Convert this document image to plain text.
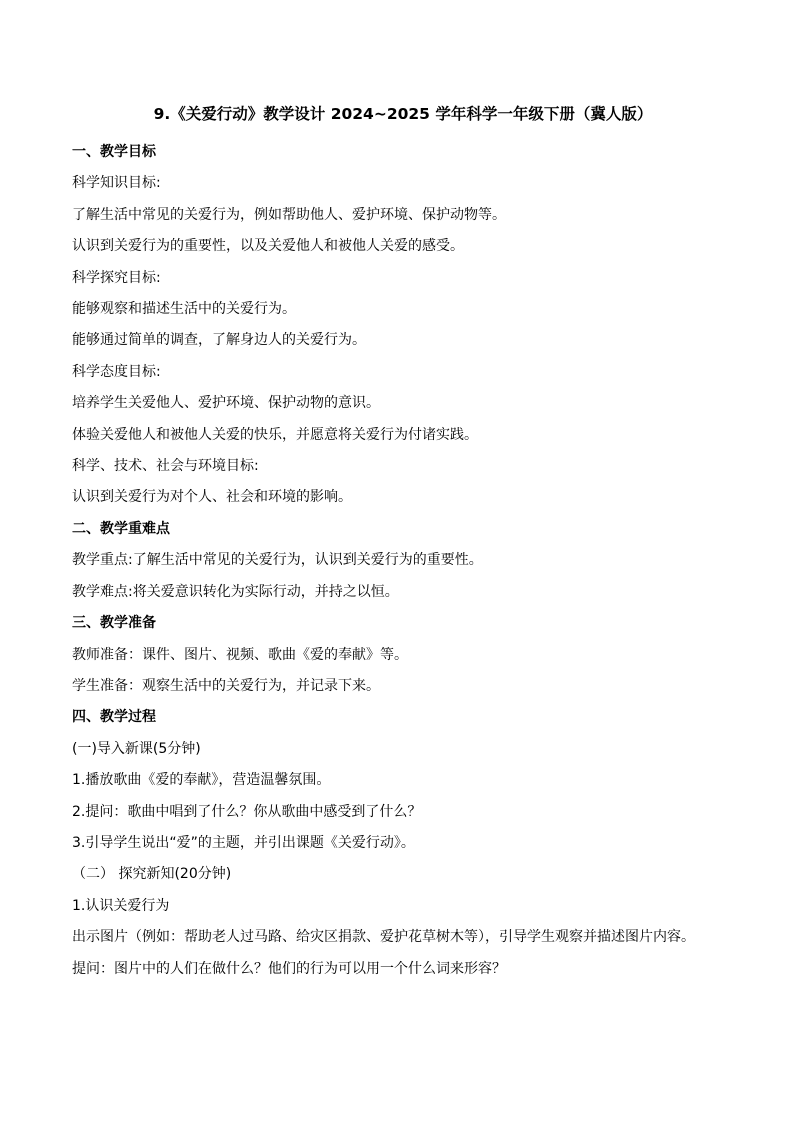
9.《关爱行动》教学设计 2024~2025 学年科学一年级下册（冀人版）

一、教学目标

科学知识目标:

了解生活中常见的关爱行为，例如帮助他人、爱护环境、保护动物等。

认识到关爱行为的重要性，以及关爱他人和被他人关爱的感受。

科学探究目标:

能够观察和描述生活中的关爱行为。

能够通过简单的调查，了解身边人的关爱行为。

科学态度目标:

培养学生关爱他人、爱护环境、保护动物的意识。

体验关爱他人和被他人关爱的快乐，并愿意将关爱行为付诸实践。

科学、技术、社会与环境目标:

认识到关爱行为对个人、社会和环境的影响。

二、教学重难点

教学重点:了解生活中常见的关爱行为，认识到关爱行为的重要性。

教学难点:将关爱意识转化为实际行动，并持之以恒。

三、教学准备

教师准备：课件、图片、视频、歌曲《爱的奉献》等。

学生准备：观察生活中的关爱行为，并记录下来。

四、教学过程

(一)导入新课(5分钟)

1.播放歌曲《爱的奉献》，营造温馨氛围。

2.提问：歌曲中唱到了什么？你从歌曲中感受到了什么？

3.引导学生说出“爱”的主题，并引出课题《关爱行动》。

（二） 探究新知(20分钟)

1.认识关爱行为

出示图片（例如：帮助老人过马路、给灾区捐款、爱护花草树木等），引导学生观察并描述图片内容。

提问：图片中的人们在做什么？他们的行为可以用一个什么词来形容？
